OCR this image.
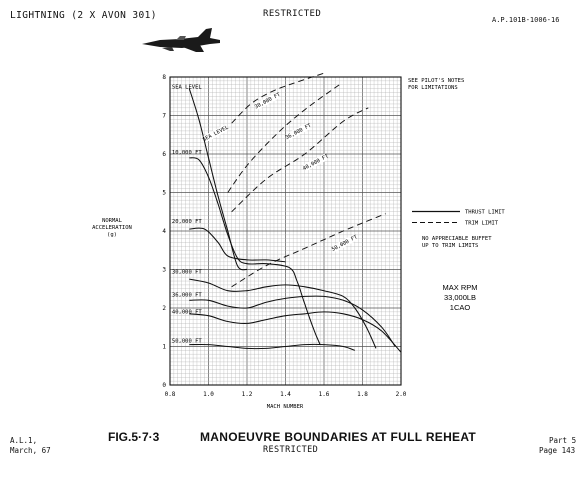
LIGHTNING (2 X AVON 301)	RESTRICTED
A.P.101B-1006-16
0.8	1.0	1.2	1.4	1.6	1.8	2.0
0
1
2
3
4
5
6
7
8
SEA LEVEL
10,000 FT
20,000 FT
30,000 FT
36,000 FT
40,000 FT
50,000 FT
SEA LEVEL
30,000 FT
36,000 FT
40,000 FT
50,000 FT
MACH NUMBER
NORMAL
ACCELERATION
(g)
SEE PILOT'S NOTES
FOR LIMITATIONS
THRUST LIMIT
TRIM LIMIT
NO APPRECIABLE BUFFET
UP TO TRIM LIMITS
MAX RPM
33,000LB
1CAO
A.L.1,
March, 67
FIG.5·7·3	MANOEUVRE BOUNDARIES AT FULL REHEAT
RESTRICTED
Part 5
Page 143
